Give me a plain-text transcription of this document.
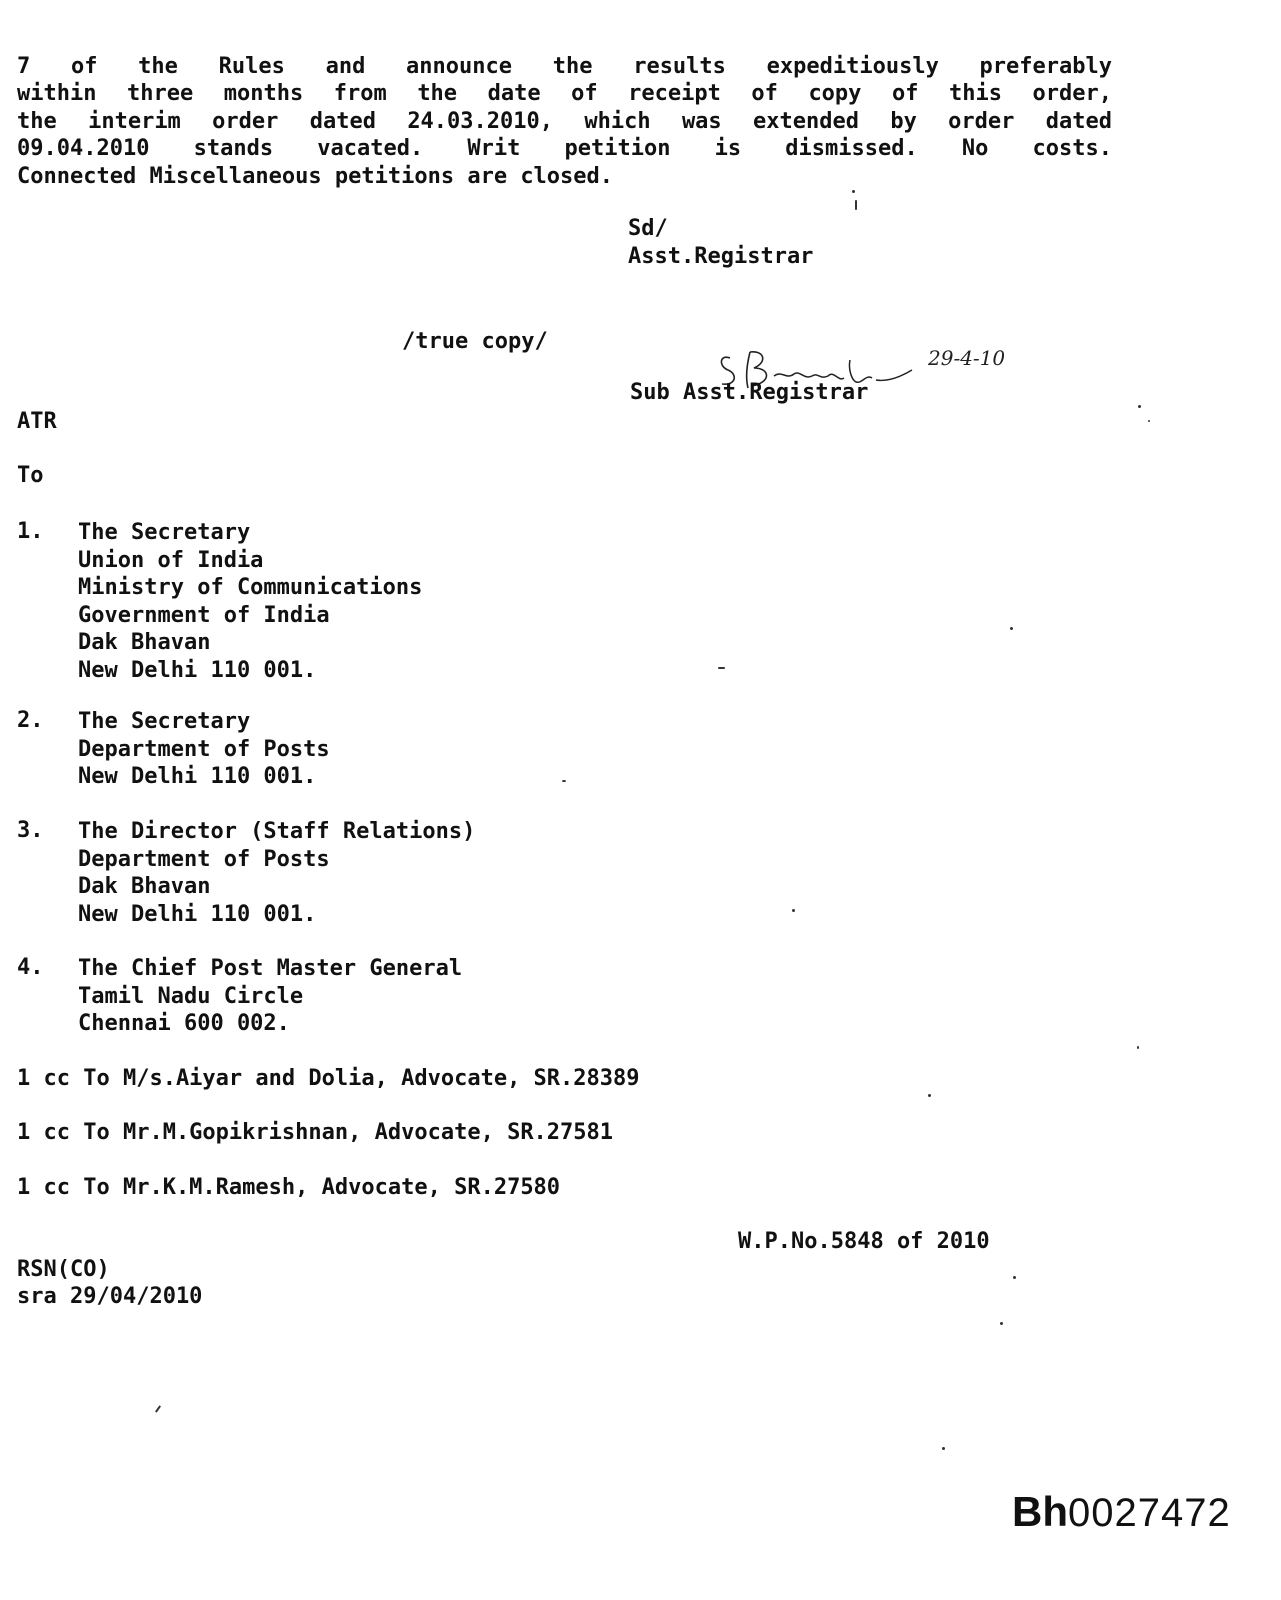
7 of the Rules and announce the results expeditiously preferably
within three months from the date of receipt of copy of this order,
the interim order dated 24.03.2010, which was extended by order dated
09.04.2010 stands vacated. Writ petition is dismissed. No costs.
Connected Miscellaneous petitions are closed.
Sd/
Asst.Registrar
/true copy/
29-4-10
Sub Asst.Registrar
ATR
To
1. The Secretary
Union of India
Ministry of Communications
Government of India
Dak Bhavan
New Delhi 110 001.
2. The Secretary
Department of Posts
New Delhi 110 001.
3. The Director (Staff Relations)
Department of Posts
Dak Bhavan
New Delhi 110 001.
4. The Chief Post Master General
Tamil Nadu Circle
Chennai 600 002.
1 cc To M/s.Aiyar and Dolia, Advocate, SR.28389
1 cc To Mr.M.Gopikrishnan, Advocate, SR.27581
1 cc To Mr.K.M.Ramesh, Advocate, SR.27580
W.P.No.5848 of 2010
RSN(CO)
sra 29/04/2010
Bh0027472
